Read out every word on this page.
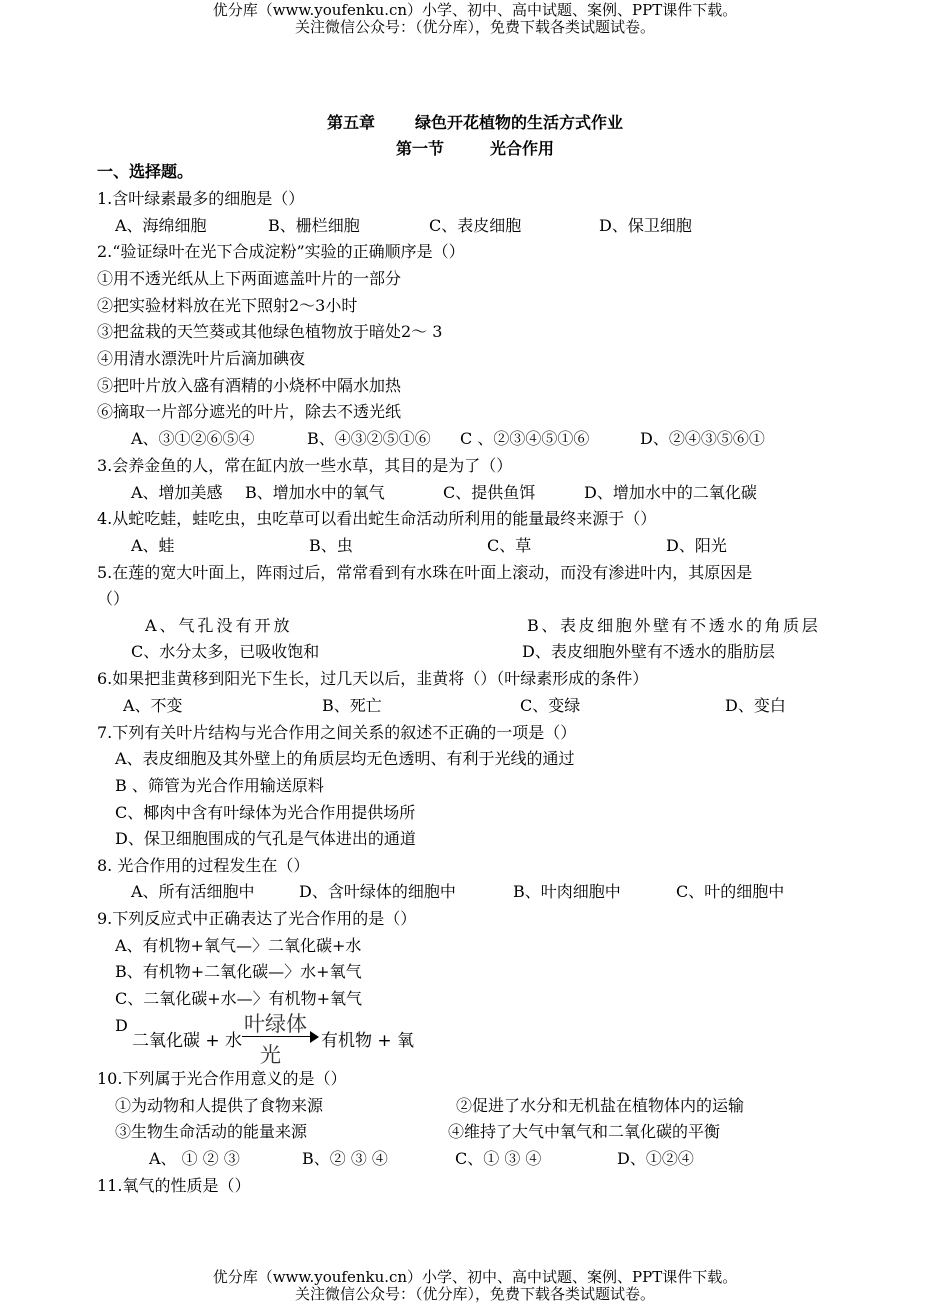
优分库（www.youfenku.cn）小学、初中、高中试题、案例、PPT课件下载。
关注微信公众号：（优分库），免费下载各类试题试卷。
第五章	绿色开花植物的生活方式作业
第一节	光合作用
一、选择题。
1.含叶绿素最多的细胞是（）
A、海绵细胞	B、栅栏细胞	C、表皮细胞	D、保卫细胞
2.“验证绿叶在光下合成淀粉”实验的正确顺序是（）
①用不透光纸从上下两面遮盖叶片的一部分
②把实验材料放在光下照射2～3小时
③把盆栽的天竺葵或其他绿色植物放于暗处2～ 3
④用清水漂洗叶片后滴加碘夜
⑤把叶片放入盛有酒精的小烧杯中隔水加热
⑥摘取一片部分遮光的叶片，除去不透光纸
A、③①②⑥⑤④	B、④③②⑤①⑥ C 、②③④⑤①⑥	D、②④③⑤⑥①
3.会养金鱼的人，常在缸内放一些水草，其目的是为了（）
A、增加美感 B、增加水中的氧气	C、提供鱼饵	D、增加水中的二氧化碳
4.从蛇吃蛙，蛙吃虫，虫吃草可以看出蛇生命活动所利用的能量最终来源于（）
A、蛙	B、虫	C、草	D、阳光
5.在莲的宽大叶面上，阵雨过后，常常看到有水珠在叶面上滚动，而没有渗进叶内，其原因是
（）
A、气孔没有开放	B、表皮细胞外壁有不透水的角质层
C、水分太多，已吸收饱和	D、表皮细胞外壁有不透水的脂肪层
6.如果把韭黄移到阳光下生长，过几天以后，韭黄将（）（叶绿素形成的条件）
A、不变	B、死亡	C、变绿	D、变白
7.下列有关叶片结构与光合作用之间关系的叙述不正确的一项是（）
A、表皮细胞及其外壁上的角质层均无色透明、有利于光线的通过
B 、筛管为光合作用输送原料
C、椰肉中含有叶绿体为光合作用提供场所
D、保卫细胞围成的气孔是气体进出的通道
8. 光合作用的过程发生在（）
A、所有活细胞中	D、含叶绿体的细胞中	B、叶肉细胞中	C、叶的细胞中
9.下列反应式中正确表达了光合作用的是（）
A、有机物+氧气—〉二氧化碳+水
B、有机物+二氧化碳—〉水+氧气
C、二氧化碳+水—〉有机物+氧气
D
二氧化碳 + 水
叶绿体
光
有机物 + 氧
10.下列属于光合作用意义的是（）
①为动物和人提供了食物来源	②促进了水分和无机盐在植物体内的运输
③生物生命活动的能量来源	④维持了大气中氧气和二氧化碳的平衡
A、 ① ② ③	B、② ③ ④	C、① ③ ④	D、①②④
11.氧气的性质是（）
优分库（www.youfenku.cn）小学、初中、高中试题、案例、PPT课件下载。
关注微信公众号：（优分库），免费下载各类试题试卷。
